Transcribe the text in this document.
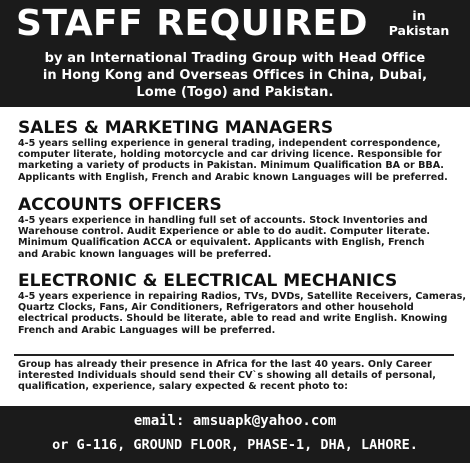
STAFF REQUIRED	in
Pakistan
by an International Trading Group with Head Office
in Hong Kong and Overseas Offices in China, Dubai,
Lome (Togo) and Pakistan.
SALES & MARKETING MANAGERS
4-5 years selling experience in general trading, independent correspondence,
computer literate, holding motorcycle and car driving licence. Responsible for
marketing a variety of products in Pakistan. Minimum Qualification BA or BBA.
Applicants with English, French and Arabic known Languages will be preferred.
ACCOUNTS OFFICERS
4-5 years experience in handling full set of accounts. Stock Inventories and
Warehouse control. Audit Experience or able to do audit. Computer literate.
Minimum Qualification ACCA or equivalent. Applicants with English, French
and Arabic known languages will be preferred.
ELECTRONIC & ELECTRICAL MECHANICS
4-5 years experience in repairing Radios, TVs, DVDs, Satellite Receivers, Cameras,
Quartz Clocks, Fans, Air Conditioners, Refrigerators and other household
electrical products. Should be literate, able to read and write English. Knowing
French and Arabic Languages will be preferred.
Group has already their presence in Africa for the last 40 years. Only Career
interested Individuals should send their CV`s showing all details of personal,
qualification, experience, salary expected & recent photo to:
email: amsuapk@yahoo.com
or G-116, GROUND FLOOR, PHASE-1, DHA, LAHORE.
